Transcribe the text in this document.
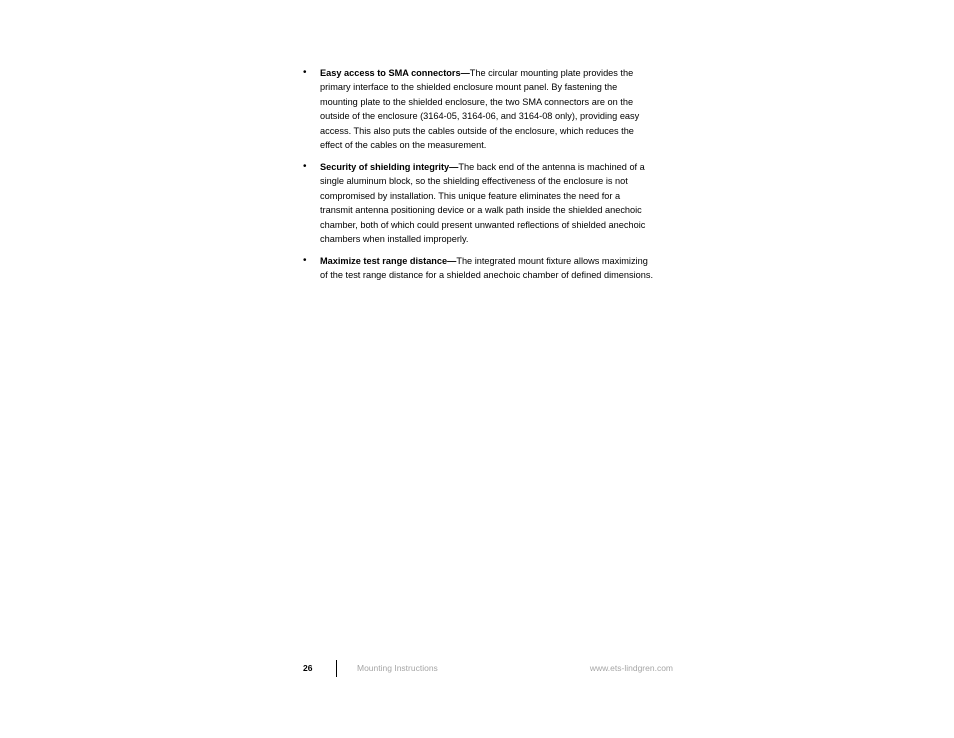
• Easy access to SMA connectors—The circular mounting plate provides the primary interface to the shielded enclosure mount panel. By fastening the mounting plate to the shielded enclosure, the two SMA connectors are on the outside of the enclosure (3164-05, 3164-06, and 3164-08 only), providing easy access. This also puts the cables outside of the enclosure, which reduces the effect of the cables on the measurement.
• Security of shielding integrity—The back end of the antenna is machined of a single aluminum block, so the shielding effectiveness of the enclosure is not compromised by installation. This unique feature eliminates the need for a transmit antenna positioning device or a walk path inside the shielded anechoic chamber, both of which could present unwanted reflections of shielded anechoic chambers when installed improperly.
• Maximize test range distance—The integrated mount fixture allows maximizing of the test range distance for a shielded anechoic chamber of defined dimensions.
26	Mounting Instructions	www.ets-lindgren.com
